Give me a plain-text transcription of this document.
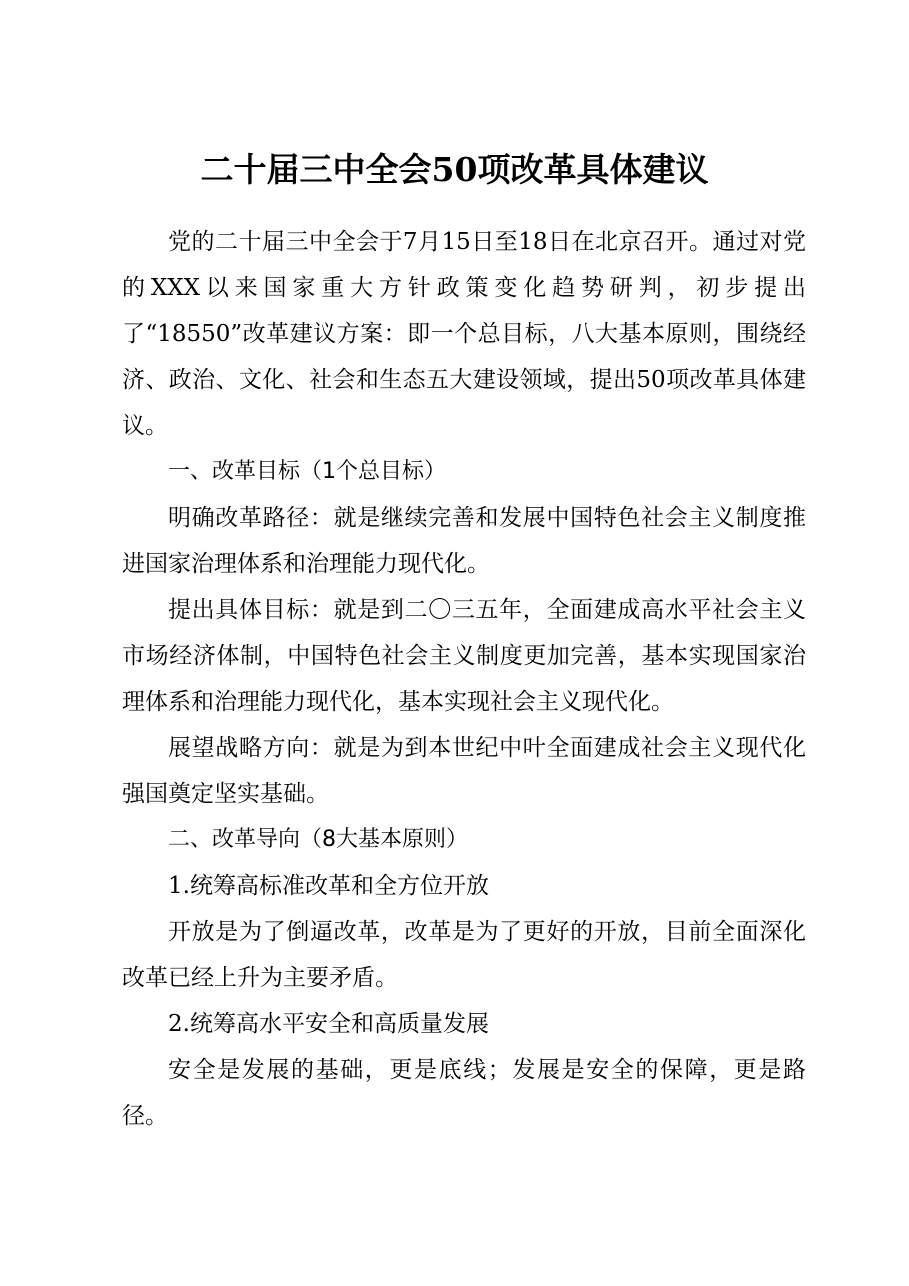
二十届三中全会50项改革具体建议

党的二十届三中全会于7月15日至18日在北京召开。通过对党的XXX以来国家重大方针政策变化趋势研判，初步提出了“18550”改革建议方案：即一个总目标，八大基本原则，围绕经济、政治、文化、社会和生态五大建设领域，提出50项改革具体建议。

一、改革目标（1个总目标）

明确改革路径：就是继续完善和发展中国特色社会主义制度推进国家治理体系和治理能力现代化。

提出具体目标：就是到二〇三五年，全面建成高水平社会主义市场经济体制，中国特色社会主义制度更加完善，基本实现国家治理体系和治理能力现代化，基本实现社会主义现代化。

展望战略方向：就是为到本世纪中叶全面建成社会主义现代化强国奠定坚实基础。

二、改革导向（8大基本原则）

1.统筹高标准改革和全方位开放

开放是为了倒逼改革，改革是为了更好的开放，目前全面深化改革已经上升为主要矛盾。

2.统筹高水平安全和高质量发展

安全是发展的基础，更是底线；发展是安全的保障，更是路径。
